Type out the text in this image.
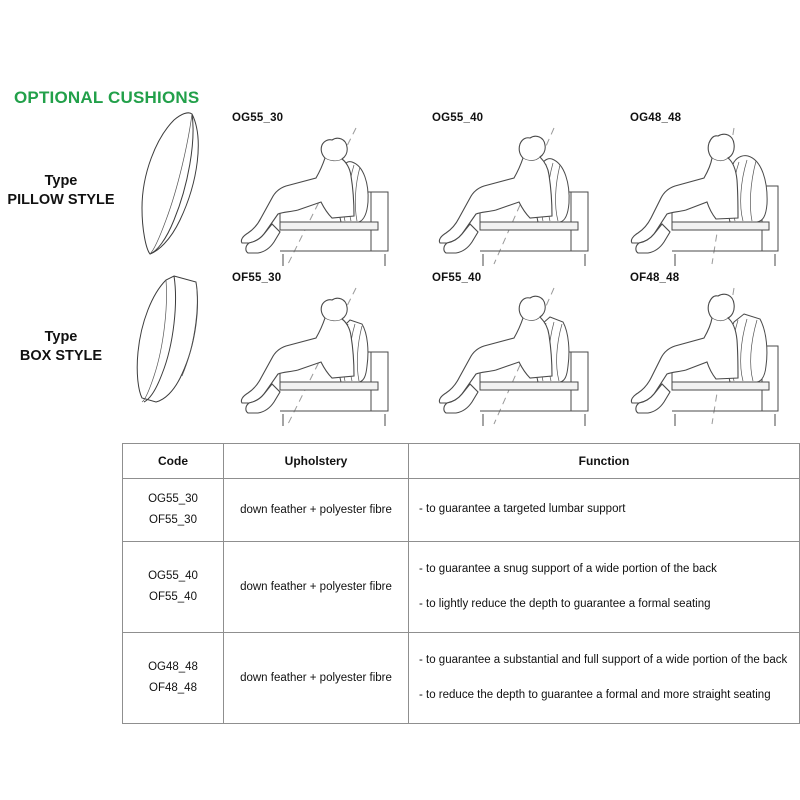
OPTIONAL CUSHIONS
Type
PILLOW STYLE
OG55_30	OG55_40	OG48_48
Type
BOX STYLE
OF55_30	OF55_40	OF48_48
Code	Upholstery	Function
OG55_30
OF55_30	down feather + polyester fibre	- to guarantee a targeted lumbar support

OG55_40
OF55_40	down feather + polyester fibre	- to guarantee a snug support of a wide portion of the back
- to lightly reduce the depth to guarantee a formal seating

OG48_48
OF48_48	down feather + polyester fibre	- to guarantee a substantial and full support of a wide portion of the back
- to reduce the depth to guarantee a formal and more straight seating
